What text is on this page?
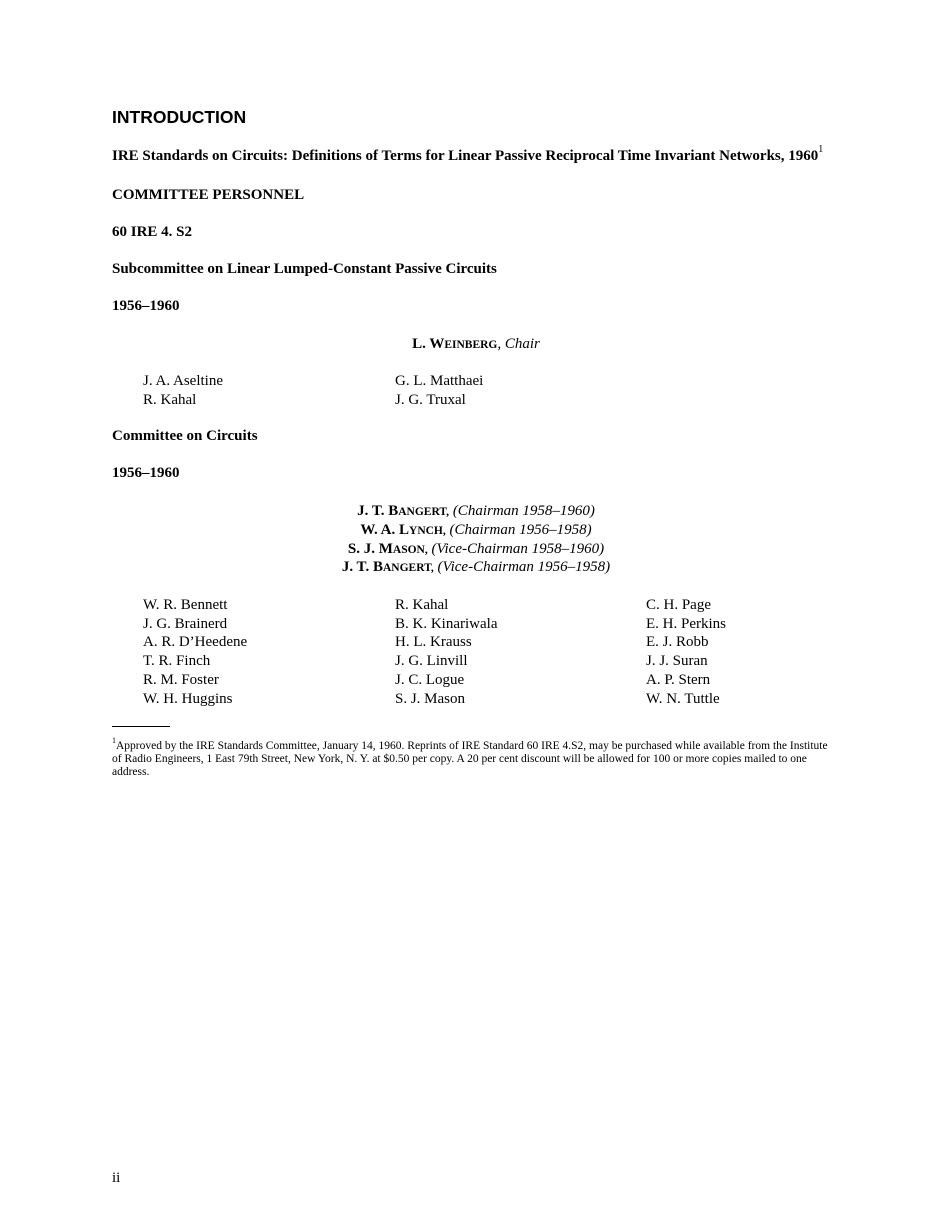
INTRODUCTION
IRE Standards on Circuits: Definitions of Terms for Linear Passive Reciprocal Time Invariant Networks, 1960$^1$
COMMITTEE PERSONNEL
60 IRE 4. S2
Subcommittee on Linear Lumped-Constant Passive Circuits
1956–1960
L. WEINBERG, Chair
J. A. Aseltine
R. Kahal
G. L. Matthaei
J. G. Truxal
Committee on Circuits
1956–1960
J. T. BANGERT, (Chairman 1958–1960)
W. A. LYNCH, (Chairman 1956–1958)
S. J. MASON, (Vice-Chairman 1958–1960)
J. T. BANGERT, (Vice-Chairman 1956–1958)
W. R. Bennett
J. G. Brainerd
A. R. D’Heedene
T. R. Finch
R. M. Foster
W. H. Huggins
R. Kahal
B. K. Kinariwala
H. L. Krauss
J. G. Linvill
J. C. Logue
S. J. Mason
C. H. Page
E. H. Perkins
E. J. Robb
J. J. Suran
A. P. Stern
W. N. Tuttle
$^1$Approved by the IRE Standards Committee, January 14, 1960. Reprints of IRE Standard 60 IRE 4.S2, may be purchased while available from the Institute of Radio Engineers, 1 East 79th Street, New York, N. Y. at $0.50 per copy. A 20 per cent discount will be allowed for 100 or more copies mailed to one address.
ii
